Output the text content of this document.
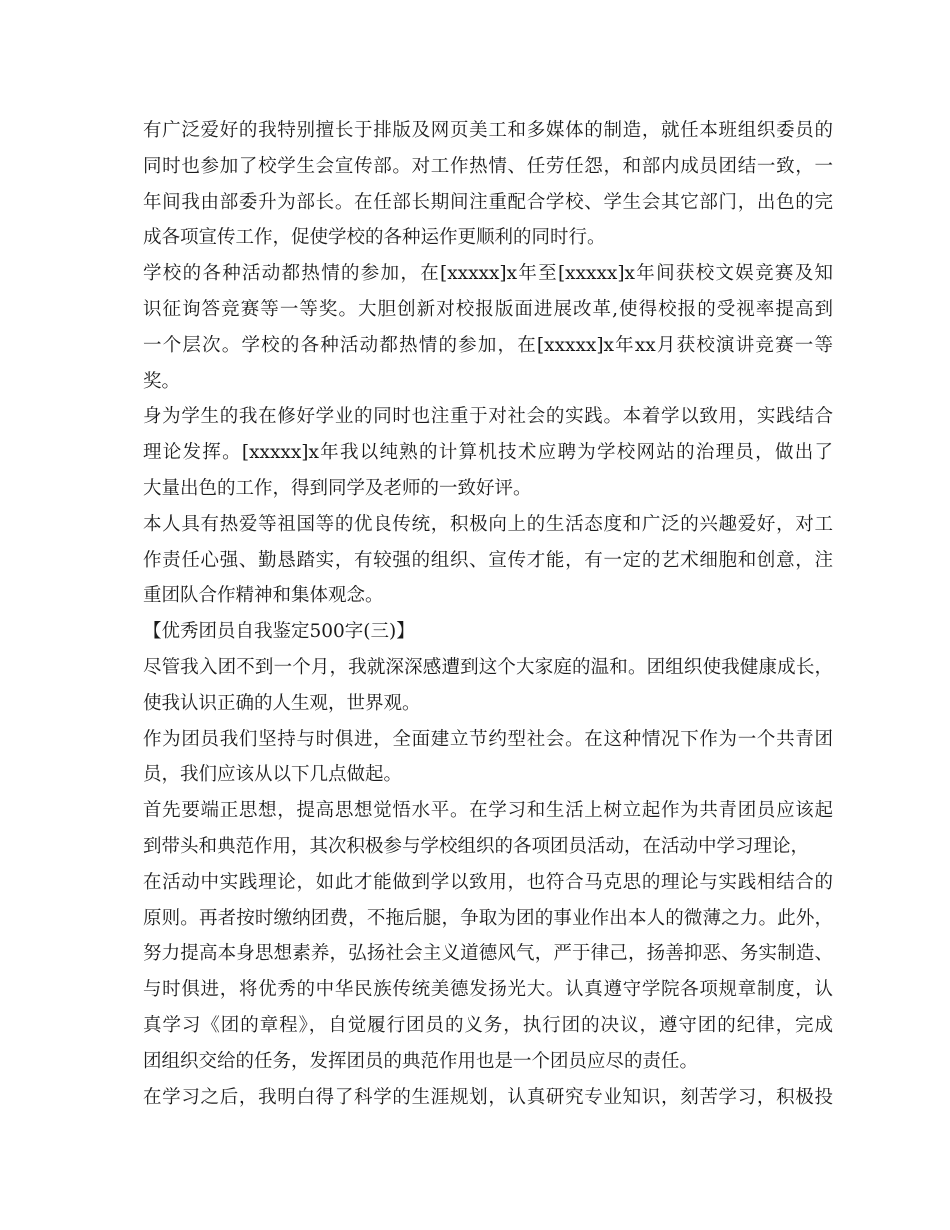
有广泛爱好的我特别擅长于排版及网页美工和多媒体的制造，就任本班组织委员的
同时也参加了校学生会宣传部。对工作热情、任劳任怨，和部内成员团结一致，一
年间我由部委升为部长。在任部长期间注重配合学校、学生会其它部门，出色的完
成各项宣传工作，促使学校的各种运作更顺利的同时行。
学校的各种活动都热情的参加，在[xxxxx]x年至[xxxxx]x年间获校文娱竞赛及知
识征询答竞赛等一等奖。大胆创新对校报版面进展改革,使得校报的受视率提高到
一个层次。学校的各种活动都热情的参加，在[xxxxx]x年xx月获校演讲竞赛一等
奖。
身为学生的我在修好学业的同时也注重于对社会的实践。本着学以致用，实践结合
理论发挥。[xxxxx]x年我以纯熟的计算机技术应聘为学校网站的治理员，做出了
大量出色的工作，得到同学及老师的一致好评。
本人具有热爱等祖国等的优良传统，积极向上的生活态度和广泛的兴趣爱好，对工
作责任心强、勤恳踏实，有较强的组织、宣传才能，有一定的艺术细胞和创意，注
重团队合作精神和集体观念。
【优秀团员自我鉴定500字(三)】
尽管我入团不到一个月，我就深深感遭到这个大家庭的温和。团组织使我健康成长，
使我认识正确的人生观，世界观。
作为团员我们坚持与时俱进，全面建立节约型社会。在这种情况下作为一个共青团
员，我们应该从以下几点做起。
首先要端正思想，提高思想觉悟水平。在学习和生活上树立起作为共青团员应该起
到带头和典范作用，其次积极参与学校组织的各项团员活动，在活动中学习理论，
在活动中实践理论，如此才能做到学以致用，也符合马克思的理论与实践相结合的
原则。再者按时缴纳团费，不拖后腿，争取为团的事业作出本人的微薄之力。此外，
努力提高本身思想素养，弘扬社会主义道德风气，严于律己，扬善抑恶、务实制造、
与时俱进，将优秀的中华民族传统美德发扬光大。认真遵守学院各项规章制度，认
真学习《团的章程》，自觉履行团员的义务，执行团的决议，遵守团的纪律，完成
团组织交给的任务，发挥团员的典范作用也是一个团员应尽的责任。
在学习之后，我明白得了科学的生涯规划，认真研究专业知识，刻苦学习，积极投
